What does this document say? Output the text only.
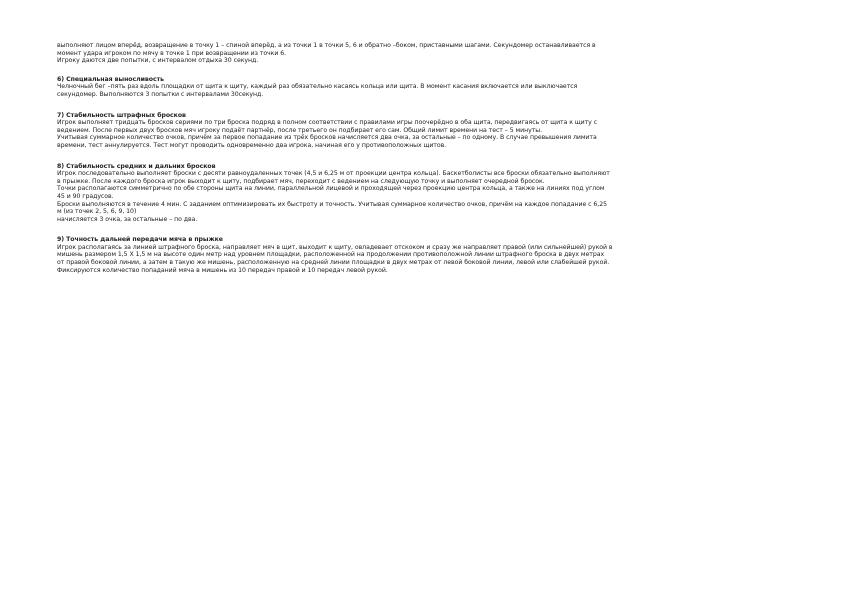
выполняют лицом вперёд, возвращение в точку 1 – спиной вперёд, а из точки 1 в точки 5, 6 и обратно –боком, приставными шагами. Секундомер останавливается в
момент удара игроком по мячу в точке 1 при возвращении из точки 6.
Игроку даются две попытки, с интервалом отдыха 30 секунд.
6) Специальная выносливость
Челночный бег –пять раз вдоль площадки от щита к щиту, каждый раз обязательно касаясь кольца или щита. В момент касания включается или выключается
секундомер. Выполняются 3 попытки с интервалами 30секунд.
7) Стабильность штрафных бросков
Игрок выполняет тридцать бросков сериями по три броска подряд в полном соответствии с правилами игры поочерёдно в оба щита, передвигаясь от щита к щиту с
ведением. После первых двух бросков мяч игроку подаёт партнёр, после третьего он подбирает его сам. Общий лимит времени на тест – 5 минуты.
Учитывая суммарное количество очков, причём за первое попадание из трёх бросков начисляется два очка, за остальные – по одному. В случае превышения лимита
времени, тест аннулируется. Тест могут проводить одновременно два игрока, начиная его у противоположных щитов.
8) Стабильность средних и дальних бросков
Игрок последовательно выполняет броски с десяти равноудаленных точек (4,5 и 6,25 м от проекции центра кольца). Баскетболисты все броски обязательно выполняют
в прыжке. После каждого броска игрок выходит к щиту, подбирает мяч, переходит с ведением на следующую точку и выполняет очередной бросок.
Точки располагаются симметрично по обе стороны щита на линии, параллельной лицевой и проходящей через проекцию центра кольца, а также на линиях под углом
45 и 90 градусов.
Броски выполняются в течение 4 мин. С заданием оптимизировать их быстроту и точность. Учитывая суммарное количество очков, причём на каждое попадание с 6,25
м (из точек 2, 5, 6, 9, 10)
начисляется 3 очка, за остальные – по два.
9) Точность дальней передачи мяча в прыжке
Игрок располагаясь за линией штрафного броска, направляет мяч в щит, выходит к щиту, овладевает отскоком и сразу же направляет правой (или сильнейшей) рукой в
мишень размером 1,5 Х 1,5 м на высоте один метр над уровнем площадки, расположенной на продолжении противоположной линии штрафного броска в двух метрах
от правой боковой линии, а затем в такую же мишень, расположенную на средней линии площадки в двух метрах от левой боковой линии, левой или слабейшей рукой.
Фиксируются количество попаданий мяча в мишень из 10 передач правой и 10 передач левой рукой.
